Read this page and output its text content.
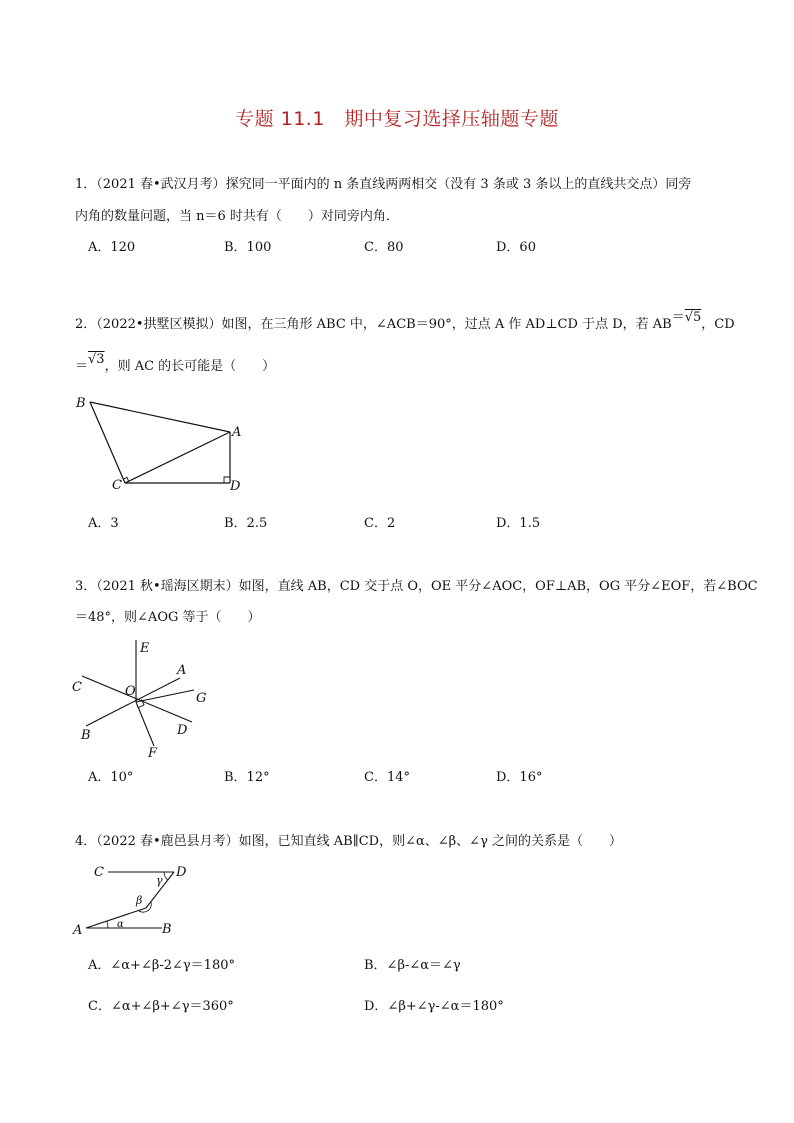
专题 11.1　期中复习选择压轴题专题
1．（2021 春•武汉月考）探究同一平面内的 n 条直线两两相交（没有 3 条或 3 条以上的直线共交点）同旁
内角的数量问题，当 n＝6 时共有（　　）对同旁内角．
A．120	B．100	C．80	D．60
2．（2022•拱墅区模拟）如图，在三角形 ABC 中，∠ACB＝90°，过点 A 作 AD⊥CD 于点 D，若 AB＝√5，CD
＝√3，则 AC 的长可能是（　　）
B
A
C	D
A．3	B．2.5	C．2	D．1.5
3．（2021 秋•瑶海区期末）如图，直线 AB，CD 交于点 O，OE 平分∠AOC，OF⊥AB，OG 平分∠EOF，若∠BOC
＝48°，则∠AOG 等于（　　）
E
A
C	O	G
B	D
F
A．10°	B．12°	C．14°	D．16°
4．（2022 春•鹿邑县月考）如图，已知直线 AB∥CD，则∠α、∠β、∠γ 之间的关系是（　　）
C	D
γ
β
A	α	B
A．∠α+∠β-2∠γ＝180°	B．∠β-∠α＝∠γ
C．∠α+∠β+∠γ＝360°	D．∠β+∠γ-∠α＝180°
